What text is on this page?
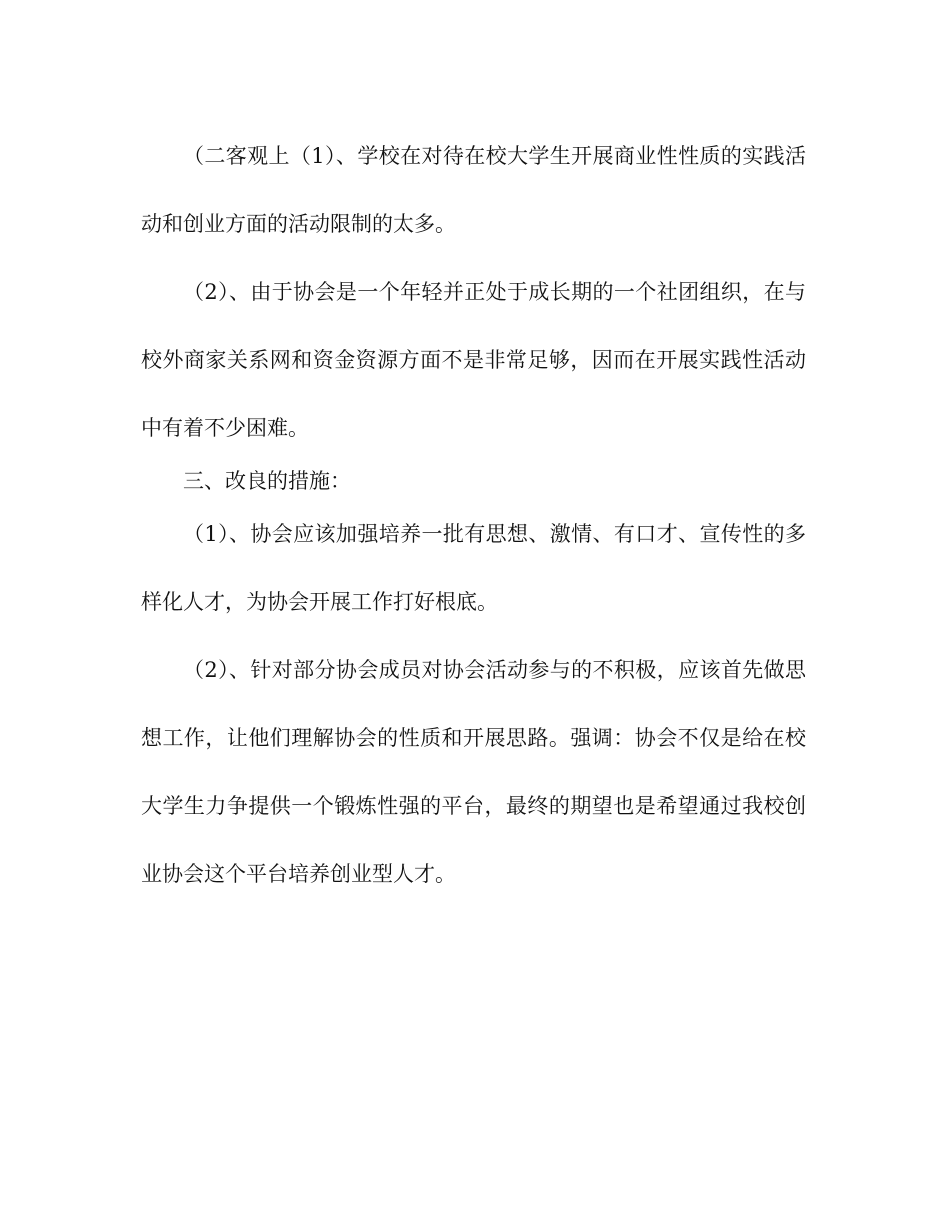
（二客观上（1）、学校在对待在校大学生开展商业性性质的实践活动和创业方面的活动限制的太多。

（2）、由于协会是一个年轻并正处于成长期的一个社团组织，在与校外商家关系网和资金资源方面不是非常足够，因而在开展实践性活动中有着不少困难。

三、改良的措施：

（1）、协会应该加强培养一批有思想、激情、有口才、宣传性的多样化人才，为协会开展工作打好根底。

（2）、针对部分协会成员对协会活动参与的不积极，应该首先做思想工作，让他们理解协会的性质和开展思路。强调：协会不仅是给在校大学生力争提供一个锻炼性强的平台，最终的期望也是希望通过我校创业协会这个平台培养创业型人才。
